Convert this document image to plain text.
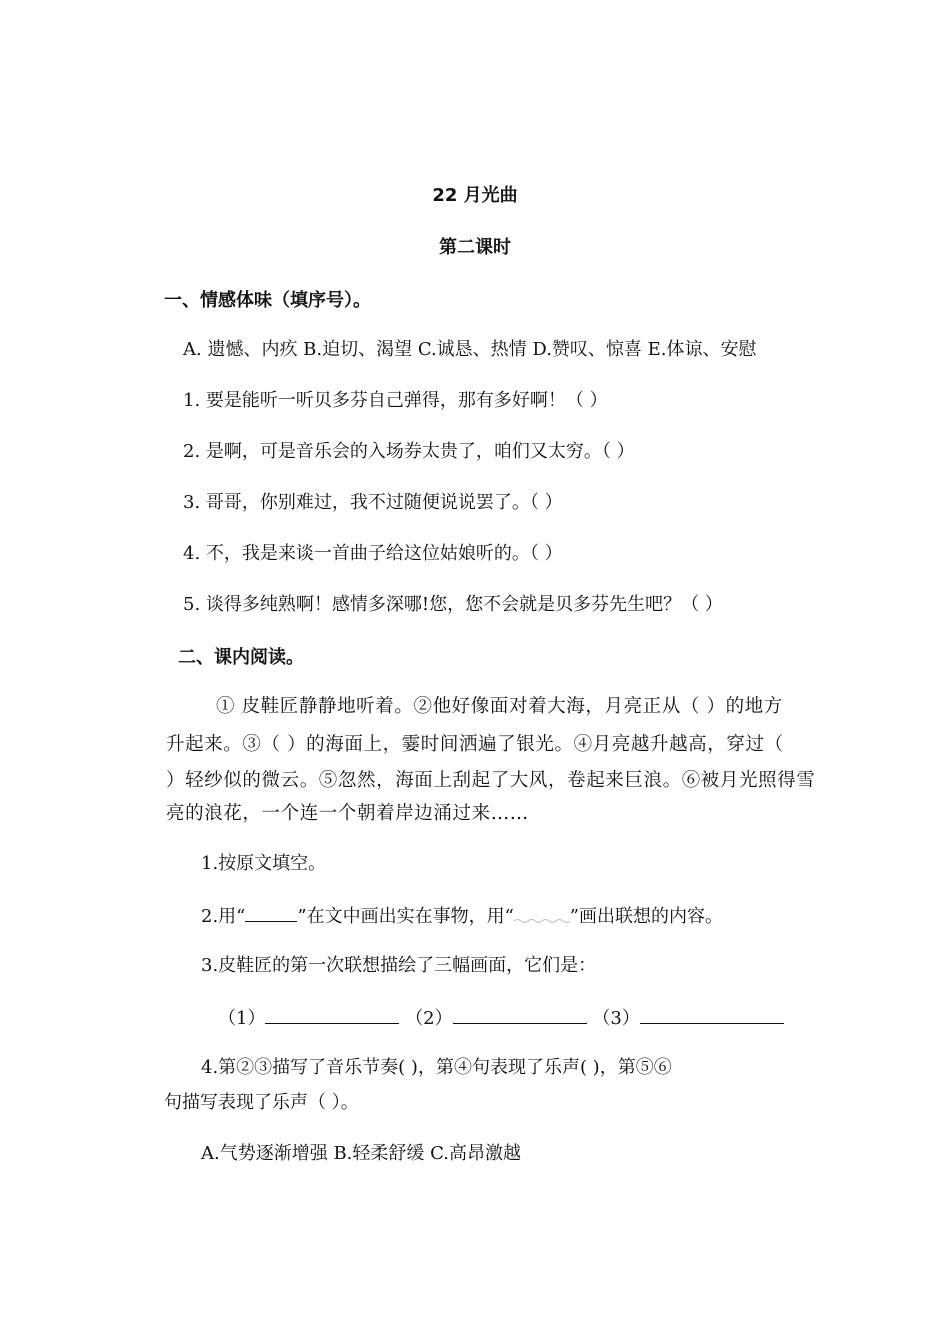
22 月光曲
第二课时
一、情感体味（填序号）。
A. 遗憾、内疚 B.迫切、渴望 C.诚恳、热情 D.赞叹、惊喜 E.体谅、安慰
1. 要是能听一听贝多芬自己弹得，那有多好啊！（ ）
2. 是啊，可是音乐会的入场券太贵了，咱们又太穷。（ ）
3. 哥哥，你别难过，我不过随便说说罢了。（ ）
4. 不，我是来谈一首曲子给这位姑娘听的。（ ）
5. 谈得多纯熟啊！感情多深哪!您，您不会就是贝多芬先生吧？（ ）
二、课内阅读。
① 皮鞋匠静静地听着。②他好像面对着大海，月亮正从（ ）的地方
升起来。③（ ）的海面上，霎时间洒遍了银光。④月亮越升越高，穿过（
）轻纱似的微云。⑤忽然，海面上刮起了大风，卷起来巨浪。⑥被月光照得雪
亮的浪花，一个连一个朝着岸边涌过来……
1.按原文填空。
2.用“	”在文中画出实在事物，用“	”画出联想的内容。
3.皮鞋匠的第一次联想描绘了三幅画面，它们是：
（1）	（2）	（3）
4.第②③描写了音乐节奏( )，第④句表现了乐声( )，第⑤⑥
句描写表现了乐声（ ）。
A.气势逐渐增强 B.轻柔舒缓 C.高昂激越
